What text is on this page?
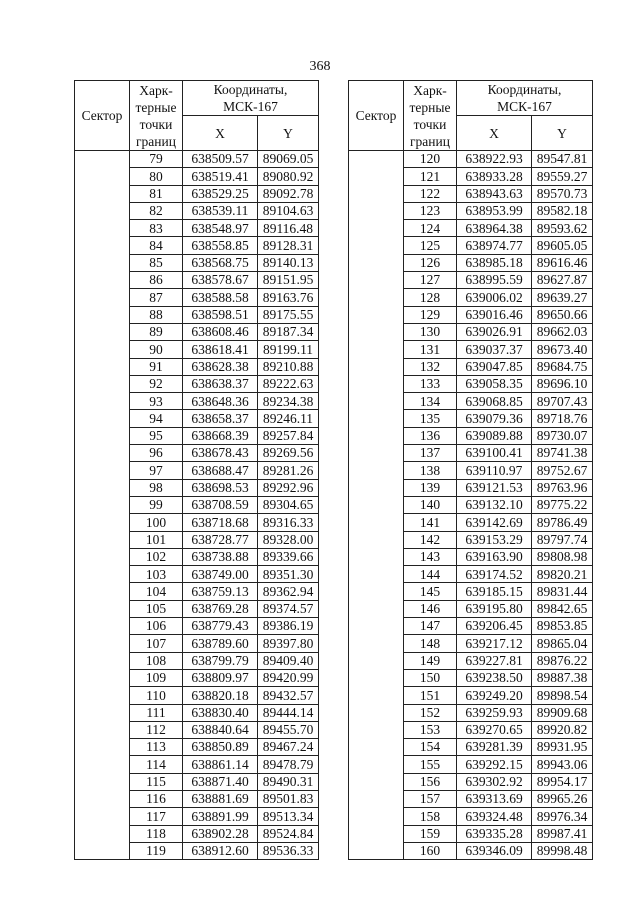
368
Сектор	Харк-
терные
точки
границ	Координаты,
МСК-167	
		X	Y
	79	638509.57	89069.05
	80	638519.41	89080.92
	81	638529.25	89092.78
	82	638539.11	89104.63
	83	638548.97	89116.48
	84	638558.85	89128.31
	85	638568.75	89140.13
	86	638578.67	89151.95
	87	638588.58	89163.76
	88	638598.51	89175.55
	89	638608.46	89187.34
	90	638618.41	89199.11
	91	638628.38	89210.88
	92	638638.37	89222.63
	93	638648.36	89234.38
	94	638658.37	89246.11
	95	638668.39	89257.84
	96	638678.43	89269.56
	97	638688.47	89281.26
	98	638698.53	89292.96
	99	638708.59	89304.65
	100	638718.68	89316.33
	101	638728.77	89328.00
	102	638738.88	89339.66
	103	638749.00	89351.30
	104	638759.13	89362.94
	105	638769.28	89374.57
	106	638779.43	89386.19
	107	638789.60	89397.80
	108	638799.79	89409.40
	109	638809.97	89420.99
	110	638820.18	89432.57
	111	638830.40	89444.14
	112	638840.64	89455.70
	113	638850.89	89467.24
	114	638861.14	89478.79
	115	638871.40	89490.31
	116	638881.69	89501.83
	117	638891.99	89513.34
	118	638902.28	89524.84
	119	638912.60	89536.33
Сектор	Харк-
терные
точки
границ	Координаты,
МСК-167	
		X	Y
	120	638922.93	89547.81
	121	638933.28	89559.27
	122	638943.63	89570.73
	123	638953.99	89582.18
	124	638964.38	89593.62
	125	638974.77	89605.05
	126	638985.18	89616.46
	127	638995.59	89627.87
	128	639006.02	89639.27
	129	639016.46	89650.66
	130	639026.91	89662.03
	131	639037.37	89673.40
	132	639047.85	89684.75
	133	639058.35	89696.10
	134	639068.85	89707.43
	135	639079.36	89718.76
	136	639089.88	89730.07
	137	639100.41	89741.38
	138	639110.97	89752.67
	139	639121.53	89763.96
	140	639132.10	89775.22
	141	639142.69	89786.49
	142	639153.29	89797.74
	143	639163.90	89808.98
	144	639174.52	89820.21
	145	639185.15	89831.44
	146	639195.80	89842.65
	147	639206.45	89853.85
	148	639217.12	89865.04
	149	639227.81	89876.22
	150	639238.50	89887.38
	151	639249.20	89898.54
	152	639259.93	89909.68
	153	639270.65	89920.82
	154	639281.39	89931.95
	155	639292.15	89943.06
	156	639302.92	89954.17
	157	639313.69	89965.26
	158	639324.48	89976.34
	159	639335.28	89987.41
	160	639346.09	89998.48
